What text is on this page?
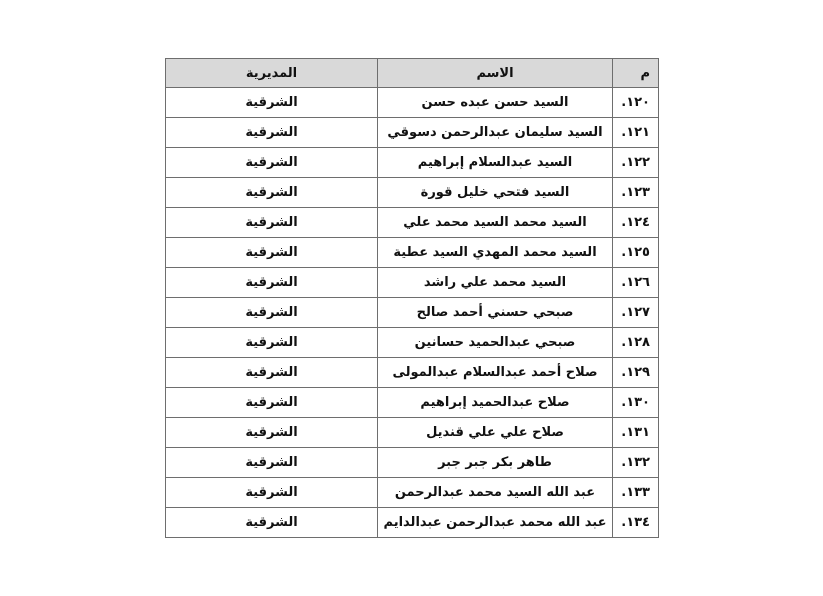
م	الاسم	المديرية
١٢٠.	السيد حسن عبده حسن	الشرقية
١٢١.	السيد سليمان عبدالرحمن دسوقي	الشرقية
١٢٢.	السيد عبدالسلام إبراهيم	الشرقية
١٢٣.	السيد فتحي خليل قورة	الشرقية
١٢٤.	السيد محمد السيد محمد علي	الشرقية
١٢٥.	السيد محمد المهدي السيد عطية	الشرقية
١٢٦.	السيد محمد علي راشد	الشرقية
١٢٧.	صبحي حسني أحمد صالح	الشرقية
١٢٨.	صبحي عبدالحميد حسانين	الشرقية
١٢٩.	صلاح أحمد عبدالسلام عبدالمولى	الشرقية
١٣٠.	صلاح عبدالحميد إبراهيم	الشرقية
١٣١.	صلاح علي علي قنديل	الشرقية
١٣٢.	طاهر بكر جبر جبر	الشرقية
١٣٣.	عبد الله السيد محمد عبدالرحمن	الشرقية
١٣٤.	عبد الله محمد عبدالرحمن عبدالدايم	الشرقية
